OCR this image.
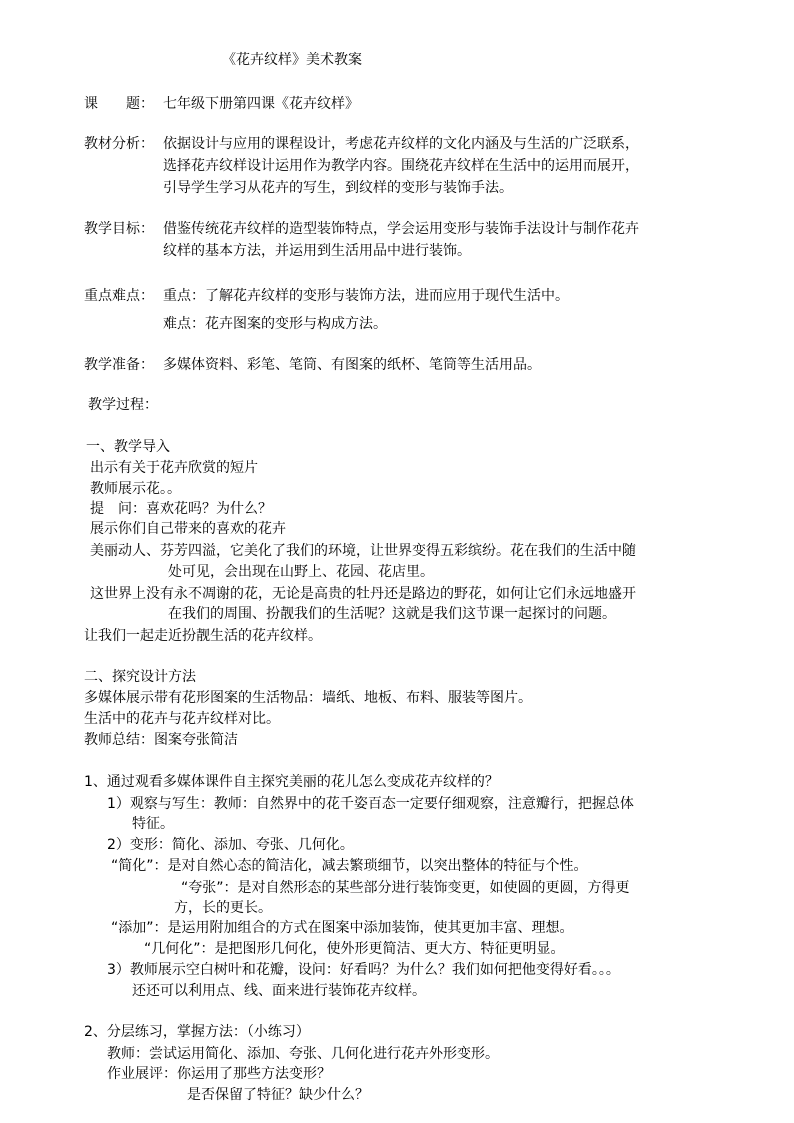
《花卉纹样》美术教案
课　　题： 七年级下册第四课《花卉纹样》
教材分析： 依据设计与应用的课程设计，考虑花卉纹样的文化内涵及与生活的广泛联系，
选择花卉纹样设计运用作为教学内容。围绕花卉纹样在生活中的运用而展开，
引导学生学习从花卉的写生，到纹样的变形与装饰手法。
教学目标： 借鉴传统花卉纹样的造型装饰特点，学会运用变形与装饰手法设计与制作花卉
纹样的基本方法，并运用到生活用品中进行装饰。
重点难点： 重点：了解花卉纹样的变形与装饰方法，进而应用于现代生活中。
难点：花卉图案的变形与构成方法。
教学准备： 多媒体资料、彩笔、笔筒、有图案的纸杯、笔筒等生活用品。
教学过程：
一、教学导入
出示有关于花卉欣赏的短片
教师展示花。。
提　问：喜欢花吗？为什么？
展示你们自己带来的喜欢的花卉
美丽动人、芬芳四溢，它美化了我们的环境，让世界变得五彩缤纷。花在我们的生活中随
处可见，会出现在山野上、花园、花店里。
这世界上没有永不凋谢的花，无论是高贵的牡丹还是路边的野花，如何让它们永远地盛开
在我们的周围、扮靓我们的生活呢？这就是我们这节课一起探讨的问题。
让我们一起走近扮靓生活的花卉纹样。
二、探究设计方法
多媒体展示带有花形图案的生活物品：墙纸、地板、布料、服装等图片。
生活中的花卉与花卉纹样对比。
教师总结：图案夸张简洁
1、通过观看多媒体课件自主探究美丽的花儿怎么变成花卉纹样的？
1）观察与写生：教师：自然界中的花千姿百态一定要仔细观察，注意瓣行，把握总体
特征。
2）变形：简化、添加、夸张、几何化。
“简化”：是对自然心态的简洁化，减去繁琐细节，以突出整体的特征与个性。
“夸张”：是对自然形态的某些部分进行装饰变更，如使圆的更圆，方得更
方，长的更长。
“添加”：是运用附加组合的方式在图案中添加装饰，使其更加丰富、理想。
“几何化”：是把图形几何化，使外形更简洁、更大方、特征更明显。
3）教师展示空白树叶和花瓣，设问：好看吗？为什么？我们如何把他变得好看。。。
还还可以利用点、线、面来进行装饰花卉纹样。
2、分层练习，掌握方法：（小练习）
教师：尝试运用简化、添加、夸张、几何化进行花卉外形变形。
作业展评：你运用了那些方法变形？
是否保留了特征？缺少什么？
